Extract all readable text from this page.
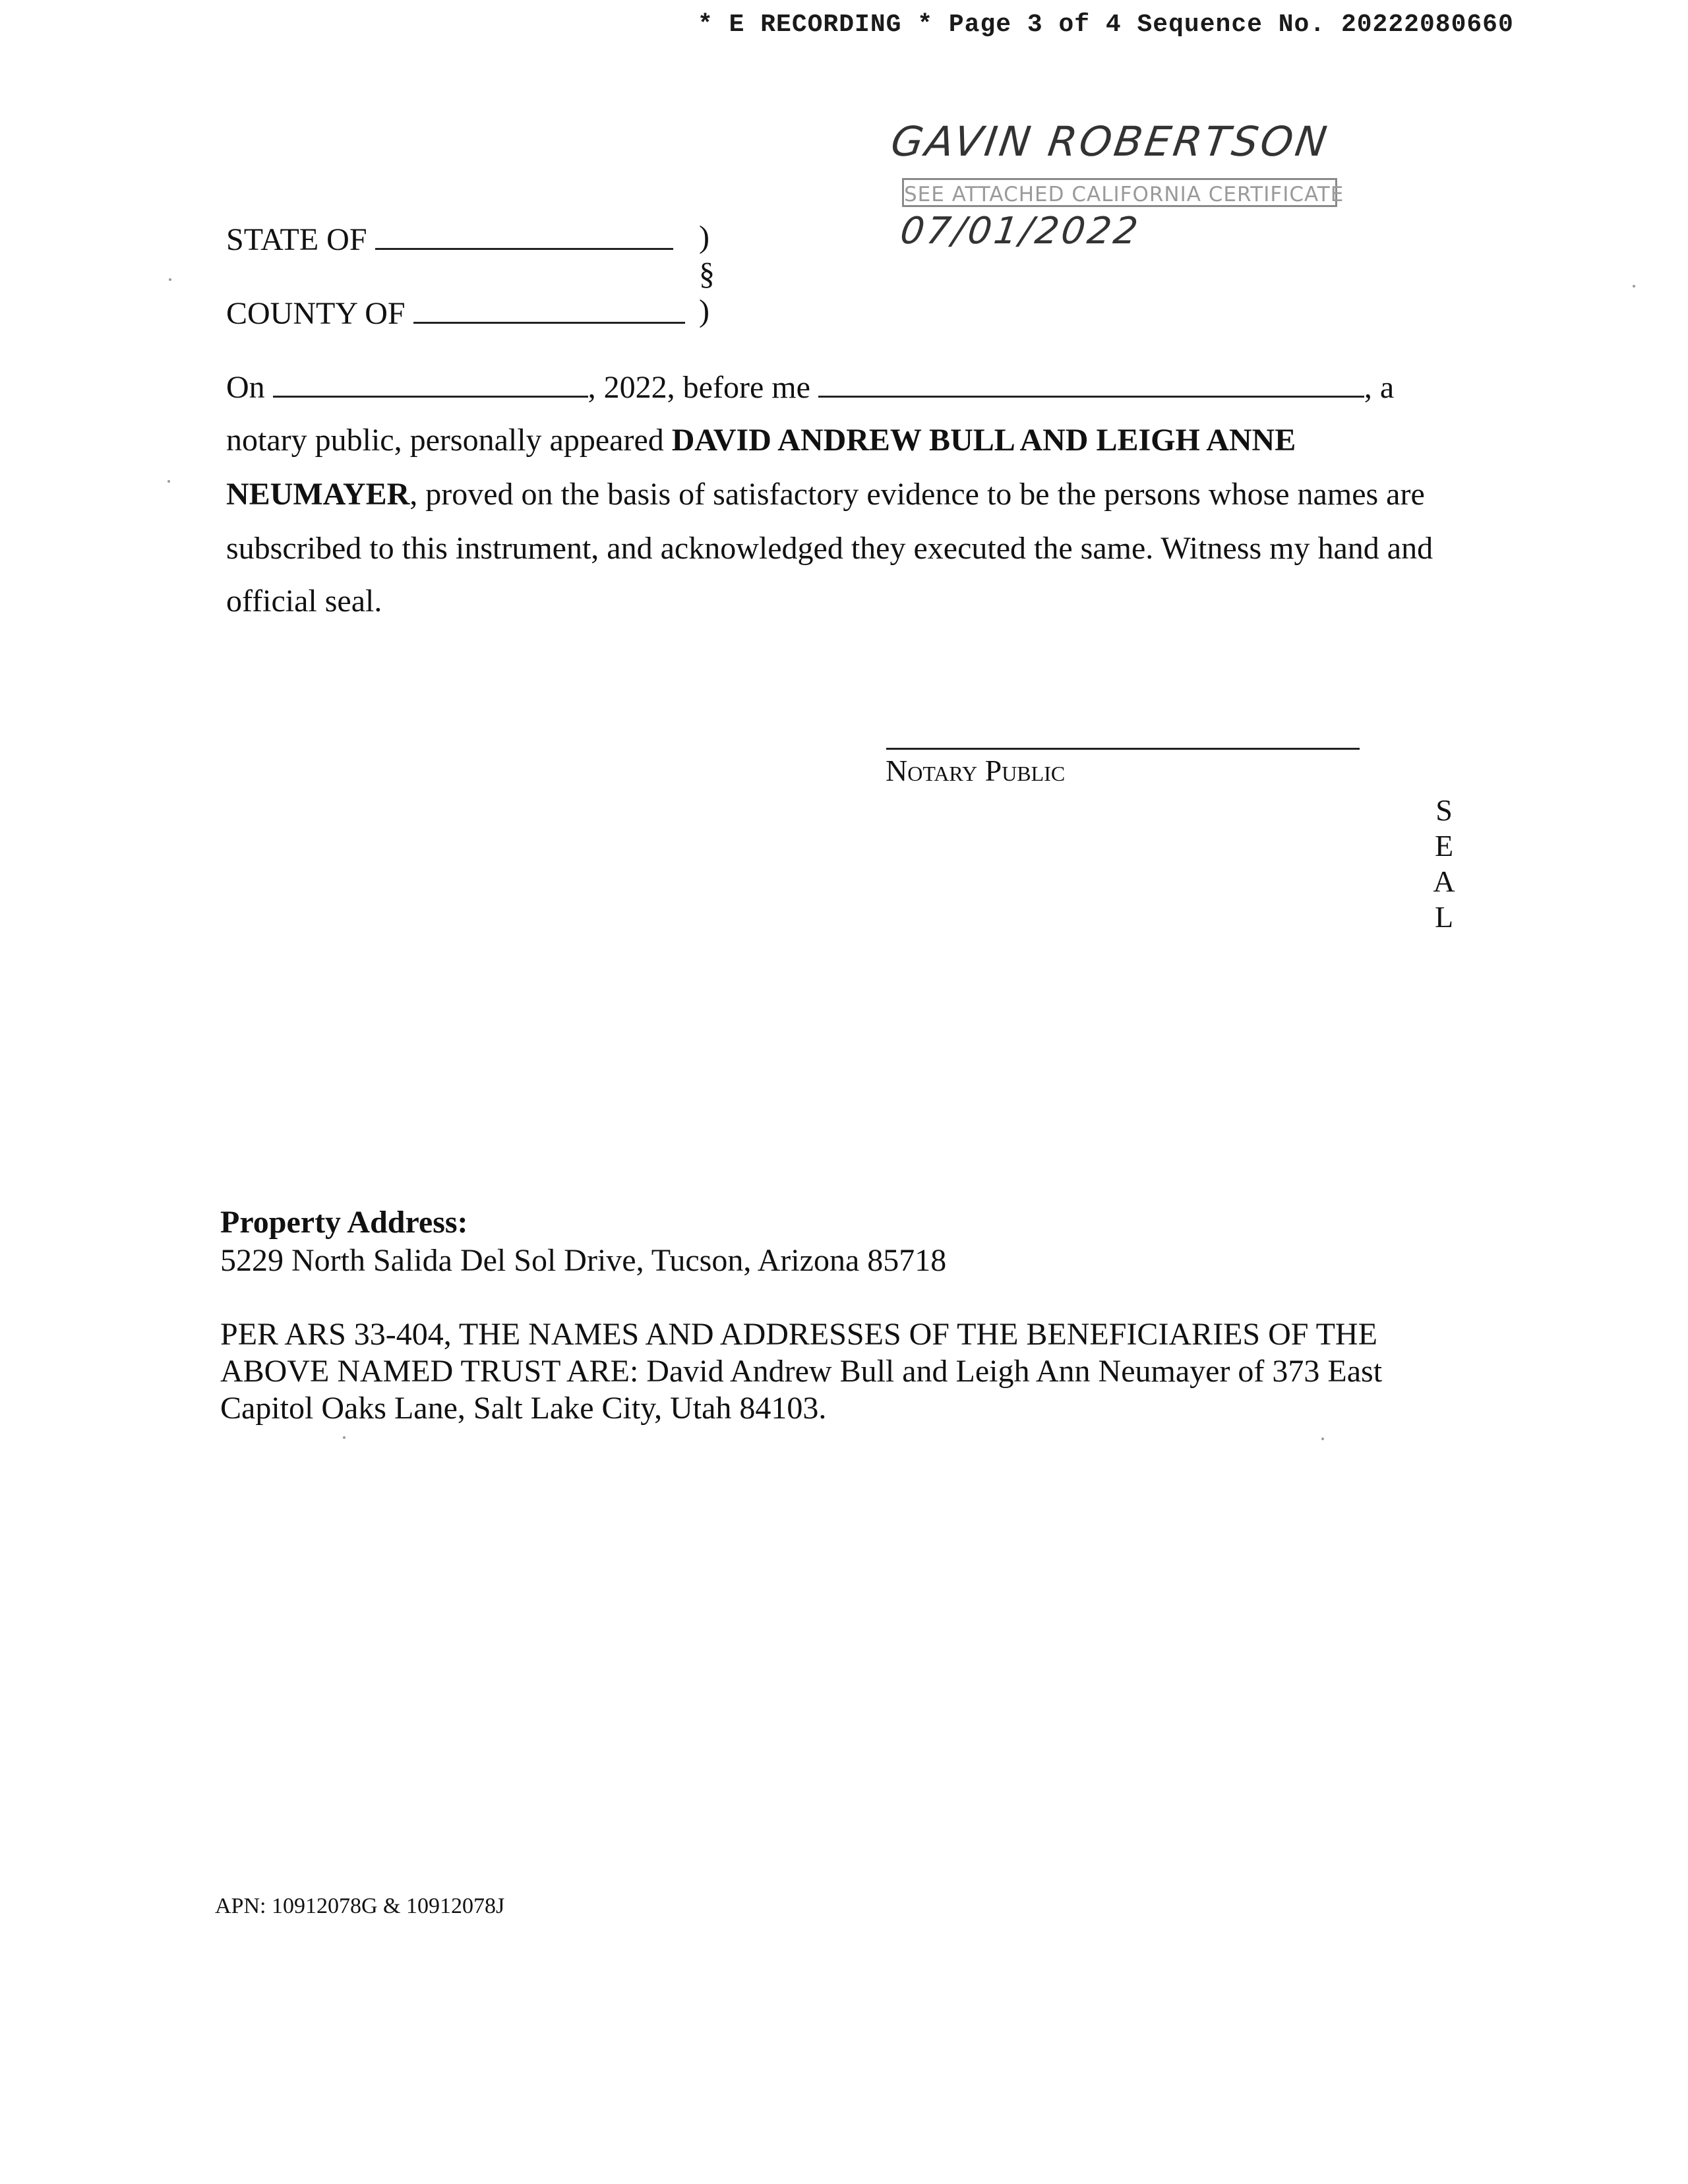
* E RECORDING * Page 3 of 4 Sequence No. 20222080660
GAVIN ROBERTSON
SEE ATTACHED CALIFORNIA CERTIFICATE
07/01/2022
STATE OF	)
§
COUNTY OF	)
On	, 2022, before me	, a
notary public, personally appeared DAVID ANDREW BULL AND LEIGH ANNE
NEUMAYER, proved on the basis of satisfactory evidence to be the persons whose names are
subscribed to this instrument, and acknowledged they executed the same. Witness my hand and
official seal.
Notary Public
S
E
A
L
Property Address:
5229 North Salida Del Sol Drive, Tucson, Arizona 85718
PER ARS 33-404, THE NAMES AND ADDRESSES OF THE BENEFICIARIES OF THE
ABOVE NAMED TRUST ARE: David Andrew Bull and Leigh Ann Neumayer of 373 East
Capitol Oaks Lane, Salt Lake City, Utah 84103.
APN: 10912078G & 10912078J
